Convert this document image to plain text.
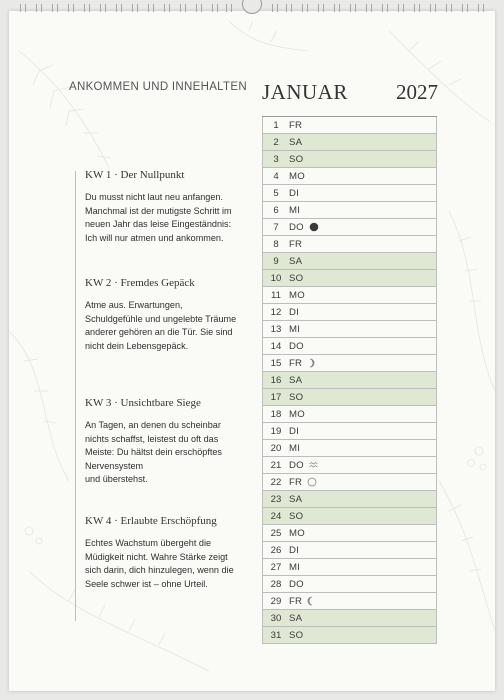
ANKOMMEN UND INNEHALTEN
KW 1 · Der Nullpunkt
Du musst nicht laut neu anfangen.
Manchmal ist der mutigste Schritt im
neuen Jahr das leise Eingeständnis:
Ich will nur atmen und ankommen.
KW 2 · Fremdes Gepäck
Atme aus. Erwartungen,
Schuldgefühle und ungelebte Träume
anderer gehören an die Tür. Sie sind
nicht dein Lebensgepäck.
KW 3 · Unsichtbare Siege
An Tagen, an denen du scheinbar
nichts schaffst, leistest du oft das
Meiste: Du hältst dein erschöpftes
Nervensystem
und überstehst.
KW 4 · Erlaubte Erschöpfung
Echtes Wachstum übergeht die
Müdigkeit nicht. Wahre Stärke zeigt
sich darin, dich hinzulegen, wenn die
Seele schwer ist – ohne Urteil.
JANUAR 2027
1	FR
2	SA
3	SO
4	MO
5	DI
6	MI
7	DO
8	FR
9	SA
10 SO
11 MO
12 DI
13 MI
14 DO
15 FR
16 SA
17 SO
18 MO
19 DI
20 MI
21 DO
22 FR
23 SA
24 SO
25 MO
26 DI
27 MI
28 DO
29 FR
30 SA
31 SO
